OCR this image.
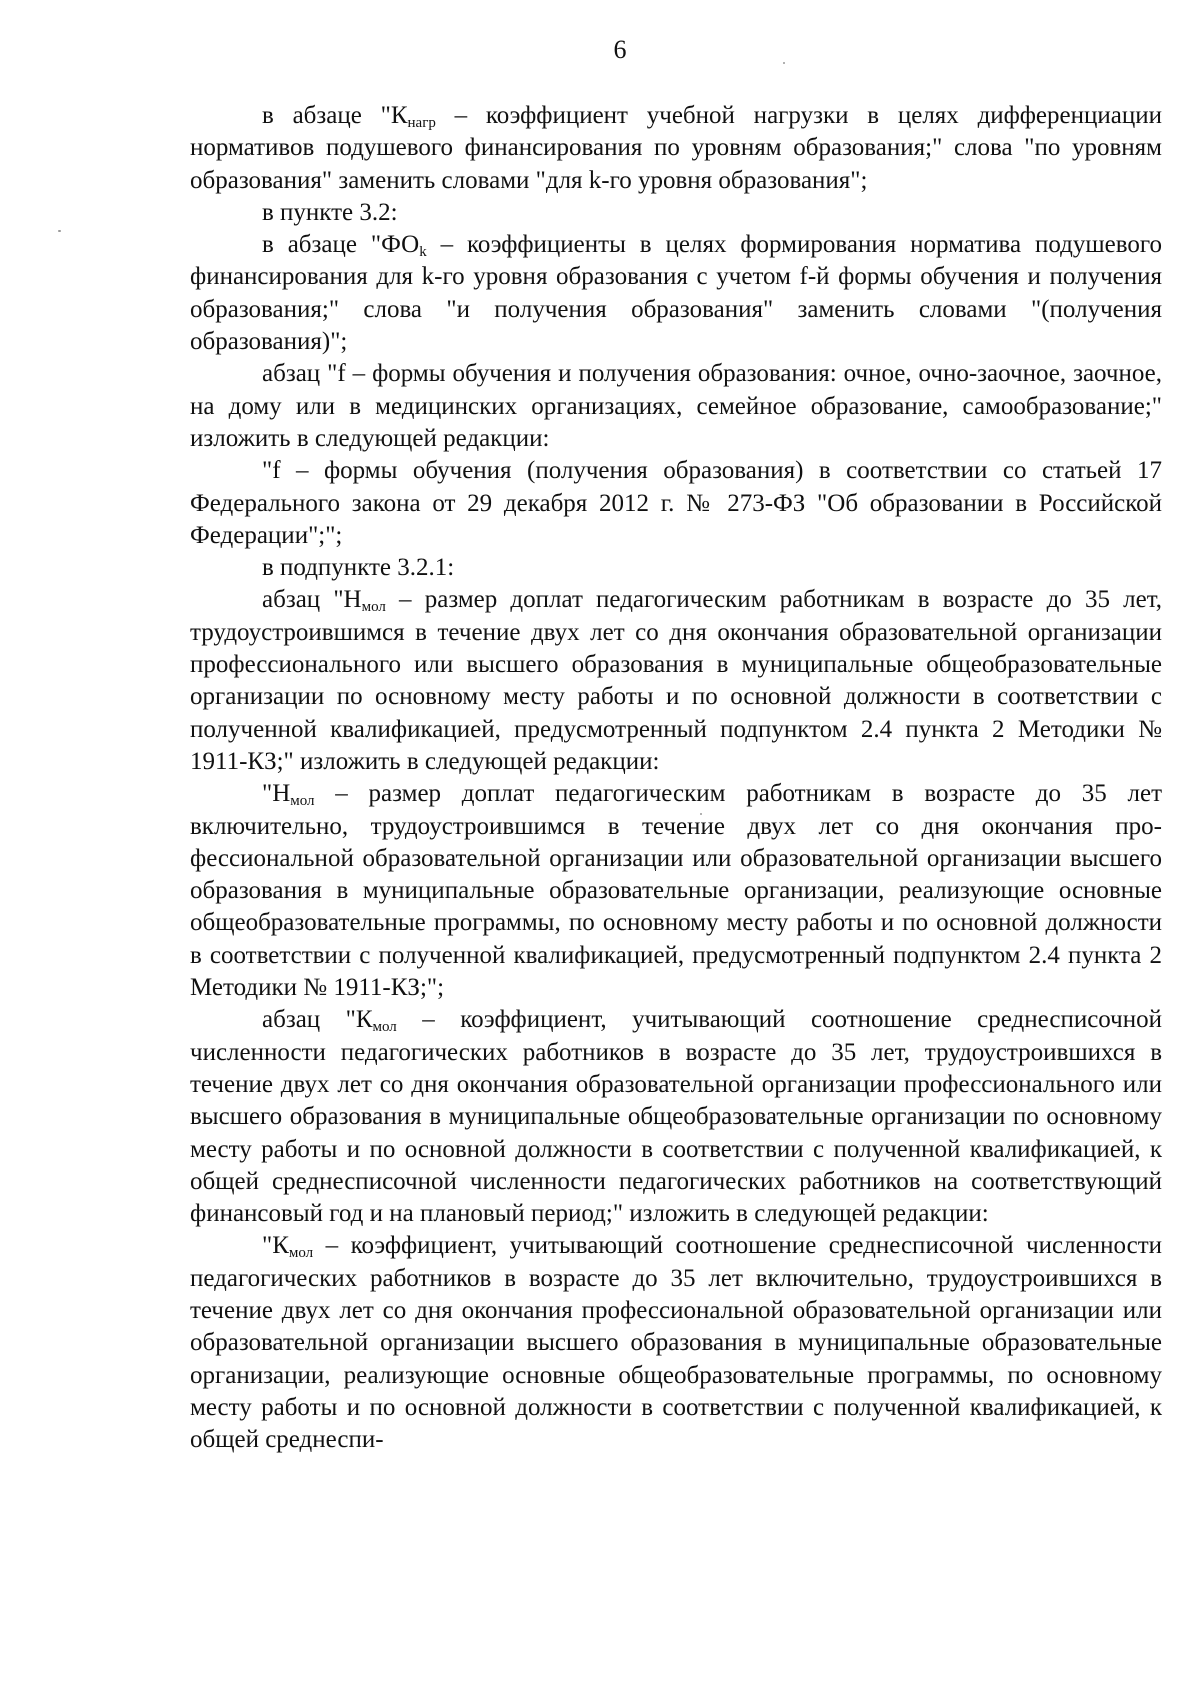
6

в абзаце "$К_{нагр}$ – коэффициент учебной нагрузки в целях дифференциации нормативов подушевого финансирования по уровням образования;" слова "по уровням образования" заменить словами "для k-го уровня образования";

в пункте 3.2:

в абзаце "$ФО_k$ – коэффициенты в целях формирования норматива подушевого финансирования для k-го уровня образования с учетом f-й формы обучения и получения образования;" слова "и получения образования" заменить словами "(получения образования)";

абзац "f – формы обучения и получения образования: очное, очно-заочное, заочное, на дому или в медицинских организациях, семейное образование, самообразование;" изложить в следующей редакции:

"f – формы обучения (получения образования) в соответствии со статьей 17 Федерального закона от 29 декабря 2012 г. № 273-ФЗ "Об образовании в Российской Федерации";";

в подпункте 3.2.1:

абзац "$Н_{мол}$ – размер доплат педагогическим работникам в возрасте до 35 лет, трудоустроившимся в течение двух лет со дня окончания образовательной организации профессионального или высшего образования в муниципальные общеобразовательные организации по основному месту работы и по основной должности в соответствии с полученной квалификацией, предусмотренный подпунктом 2.4 пункта 2 Методики № 1911-КЗ;" изложить в следующей редакции:

"$Н_{мол}$ – размер доплат педагогическим работникам в возрасте до 35 лет включительно, трудоустроившимся в течение двух лет со дня окончания профессиональной образовательной организации или образовательной организации высшего образования в муниципальные образовательные организации, реализующие основные общеобразовательные программы, по основному месту работы и по основной должности в соответствии с полученной квалификацией, предусмотренный подпунктом 2.4 пункта 2 Методики № 1911-КЗ;";

абзац "$К_{мол}$ – коэффициент, учитывающий соотношение среднесписочной численности педагогических работников в возрасте до 35 лет, трудоустроившихся в течение двух лет со дня окончания образовательной организации профессионального или высшего образования в муниципальные общеобразовательные организации по основному месту работы и по основной должности в соответствии с полученной квалификацией, к общей среднесписочной численности педагогических работников на соответствующий финансовый год и на плановый период;" изложить в следующей редакции:

"$К_{мол}$ – коэффициент, учитывающий соотношение среднесписочной численности педагогических работников в возрасте до 35 лет включительно, трудоустроившихся в течение двух лет со дня окончания профессиональной образовательной организации или образовательной организации высшего образования в муниципальные образовательные организации, реализующие основные общеобразовательные программы, по основному месту работы и по основной должности в соответствии с полученной квалификацией, к общей среднеспи-
